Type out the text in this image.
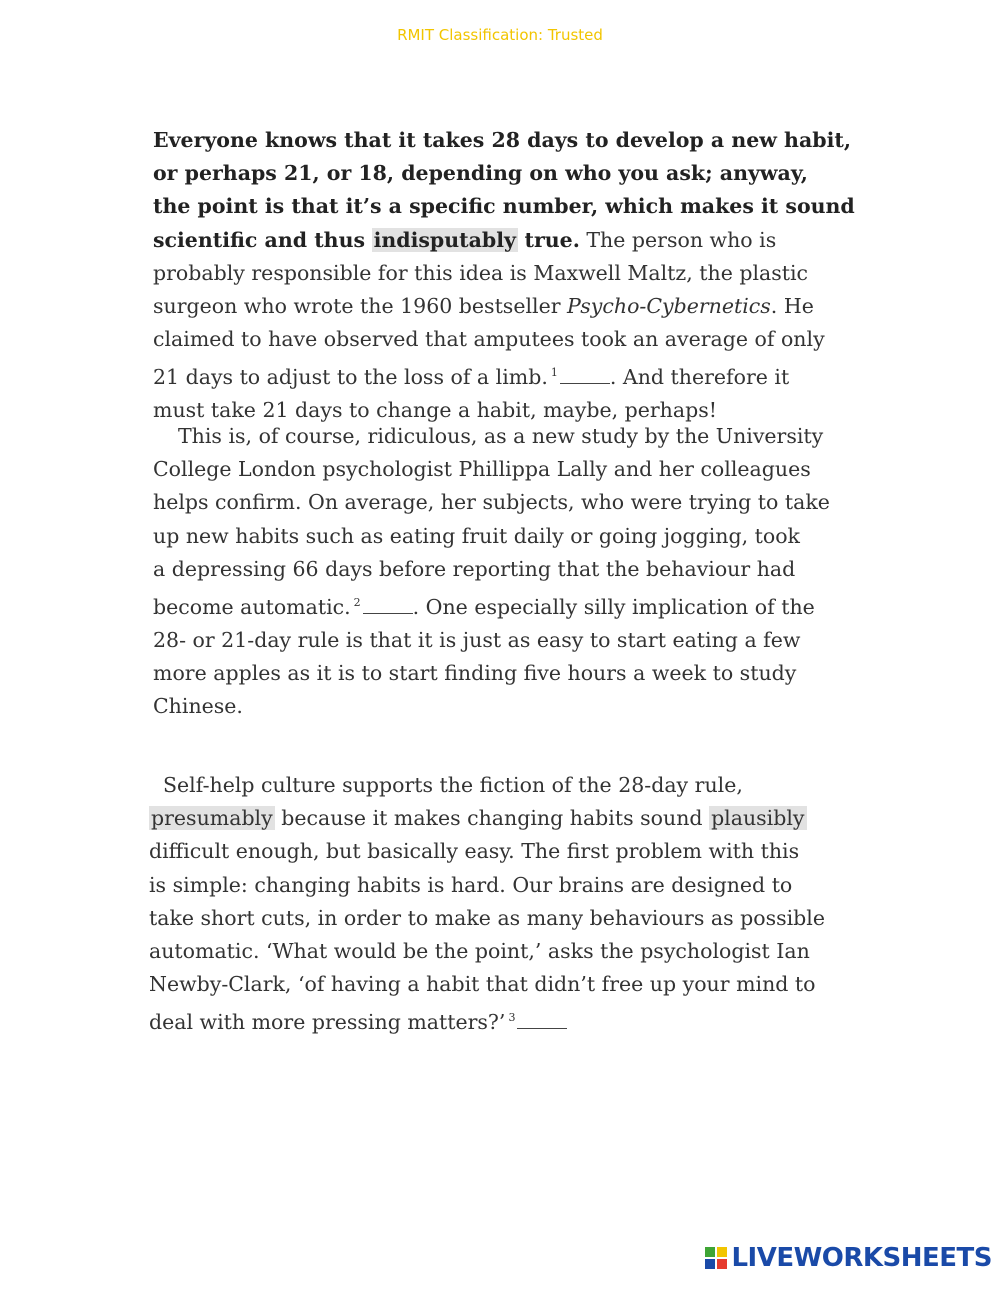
RMIT Classification: Trusted
Everyone knows that it takes 28 days to develop a new habit,
or perhaps 21, or 18, depending on who you ask; anyway,
the point is that it’s a specific number, which makes it sound
scientific and thus indisputably true. The person who is
probably responsible for this idea is Maxwell Maltz, the plastic
surgeon who wrote the 1960 bestseller Psycho-Cybernetics. He
claimed to have observed that amputees took an average of only
21 days to adjust to the loss of a limb. $^1$	. And therefore it
must take 21 days to change a habit, maybe, perhaps!
This is, of course, ridiculous, as a new study by the University
College London psychologist Phillippa Lally and her colleagues
helps confirm. On average, her subjects, who were trying to take
up new habits such as eating fruit daily or going jogging, took
a depressing 66 days before reporting that the behaviour had
become automatic. $^2$	. One especially silly implication of the
28- or 21-day rule is that it is just as easy to start eating a few
more apples as it is to start finding five hours a week to study
Chinese.
Self-help culture supports the fiction of the 28-day rule,
presumably because it makes changing habits sound plausibly
difficult enough, but basically easy. The first problem with this
is simple: changing habits is hard. Our brains are designed to
take short cuts, in order to make as many behaviours as possible
automatic. ‘What would be the point,’ asks the psychologist Ian
Newby-Clark, ‘of having a habit that didn’t free up your mind to
deal with more pressing matters?’ $^3$
LIVEWORKSHEETS
